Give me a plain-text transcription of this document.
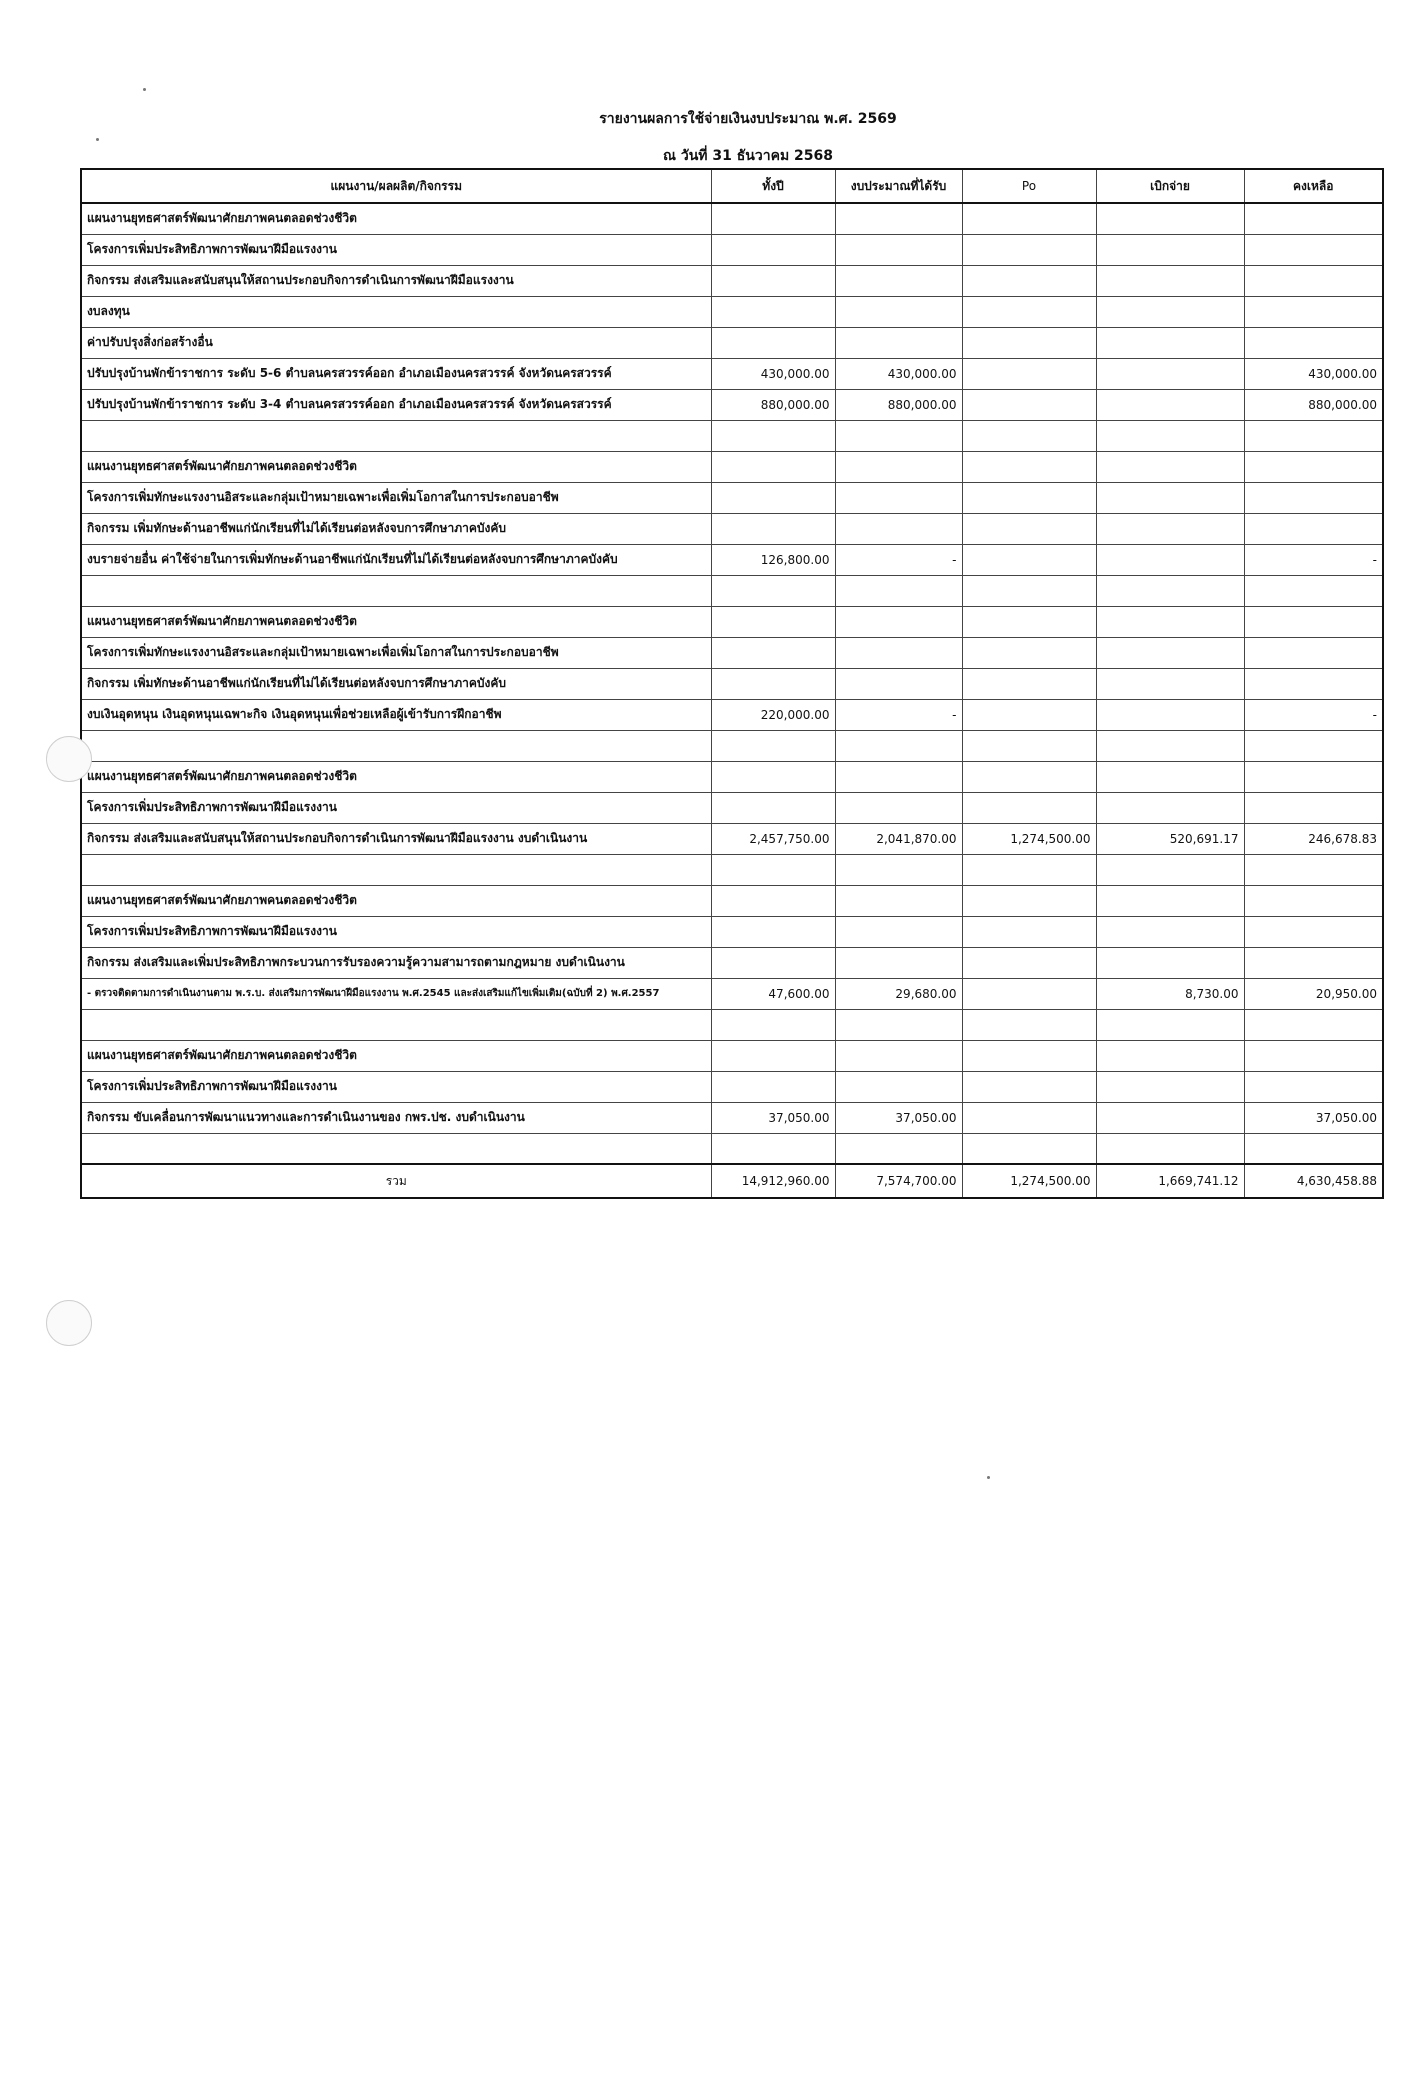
รายงานผลการใช้จ่ายเงินงบประมาณ พ.ศ. 2569
ณ วันที่ 31 ธันวาคม 2568
แผนงาน/ผลผลิต/กิจกรรม	ทั้งปี	งบประมาณที่ได้รับ	Po	เบิกจ่าย	คงเหลือ
แผนงานยุทธศาสตร์พัฒนาศักยภาพคนตลอดช่วงชีวิต					
โครงการเพิ่มประสิทธิภาพการพัฒนาฝีมือแรงงาน					
กิจกรรม ส่งเสริมและสนับสนุนให้สถานประกอบกิจการดำเนินการพัฒนาฝีมือแรงงาน					
งบลงทุน					
ค่าปรับปรุงสิ่งก่อสร้างอื่น					
ปรับปรุงบ้านพักข้าราชการ ระดับ 5-6 ตำบลนครสวรรค์ออก อำเภอเมืองนครสวรรค์ จังหวัดนครสวรรค์	430,000.00	430,000.00			430,000.00
ปรับปรุงบ้านพักข้าราชการ ระดับ 3-4 ตำบลนครสวรรค์ออก อำเภอเมืองนครสวรรค์ จังหวัดนครสวรรค์	880,000.00	880,000.00			880,000.00

แผนงานยุทธศาสตร์พัฒนาศักยภาพคนตลอดช่วงชีวิต					
โครงการเพิ่มทักษะแรงงานอิสระและกลุ่มเป้าหมายเฉพาะเพื่อเพิ่มโอกาสในการประกอบอาชีพ					
กิจกรรม เพิ่มทักษะด้านอาชีพแก่นักเรียนที่ไม่ได้เรียนต่อหลังจบการศึกษาภาคบังคับ					
งบรายจ่ายอื่น ค่าใช้จ่ายในการเพิ่มทักษะด้านอาชีพแก่นักเรียนที่ไม่ได้เรียนต่อหลังจบการศึกษาภาคบังคับ	126,800.00	-			-

แผนงานยุทธศาสตร์พัฒนาศักยภาพคนตลอดช่วงชีวิต					
โครงการเพิ่มทักษะแรงงานอิสระและกลุ่มเป้าหมายเฉพาะเพื่อเพิ่มโอกาสในการประกอบอาชีพ					
กิจกรรม เพิ่มทักษะด้านอาชีพแก่นักเรียนที่ไม่ได้เรียนต่อหลังจบการศึกษาภาคบังคับ					
งบเงินอุดหนุน เงินอุดหนุนเฉพาะกิจ เงินอุดหนุนเพื่อช่วยเหลือผู้เข้ารับการฝึกอาชีพ	220,000.00	-			-

แผนงานยุทธศาสตร์พัฒนาศักยภาพคนตลอดช่วงชีวิต					
โครงการเพิ่มประสิทธิภาพการพัฒนาฝีมือแรงงาน					
กิจกรรม ส่งเสริมและสนับสนุนให้สถานประกอบกิจการดำเนินการพัฒนาฝีมือแรงงาน งบดำเนินงาน	2,457,750.00	2,041,870.00	1,274,500.00	520,691.17	246,678.83

แผนงานยุทธศาสตร์พัฒนาศักยภาพคนตลอดช่วงชีวิต					
โครงการเพิ่มประสิทธิภาพการพัฒนาฝีมือแรงงาน					
กิจกรรม ส่งเสริมและเพิ่มประสิทธิภาพกระบวนการรับรองความรู้ความสามารถตามกฎหมาย งบดำเนินงาน					
- ตรวจติดตามการดำเนินงานตาม พ.ร.บ. ส่งเสริมการพัฒนาฝีมือแรงงาน พ.ศ.2545 และส่งเสริมแก้ไขเพิ่มเติม(ฉบับที่ 2) พ.ศ.2557	47,600.00	29,680.00		8,730.00	20,950.00

แผนงานยุทธศาสตร์พัฒนาศักยภาพคนตลอดช่วงชีวิต					
โครงการเพิ่มประสิทธิภาพการพัฒนาฝีมือแรงงาน					
กิจกรรม ขับเคลื่อนการพัฒนาแนวทางและการดำเนินงานของ กพร.ปช. งบดำเนินงาน	37,050.00	37,050.00			37,050.00

รวม	14,912,960.00	7,574,700.00	1,274,500.00	1,669,741.12	4,630,458.88
